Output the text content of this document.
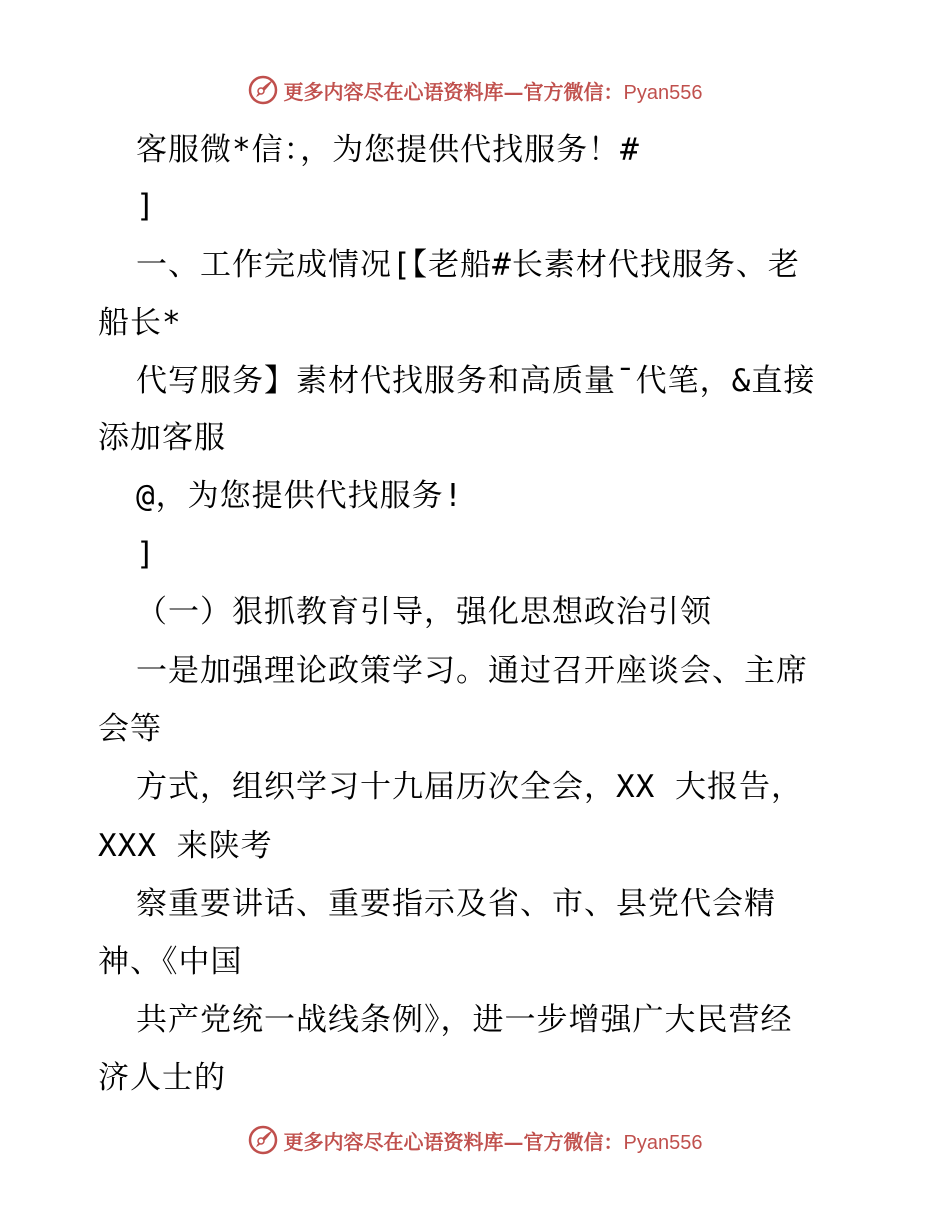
更多内容尽在心语资料库—官方微信：Pyan556
客服微*信：，为您提供代找服务！#
]
一、工作完成情况[【老船#长素材代找服务、老
船长*
代写服务】素材代找服务和高质量¯代笔，&直接
添加客服
@，为您提供代找服务!
]
（一）狠抓教育引导，强化思想政治引领
一是加强理论政策学习。通过召开座谈会、主席
会等
方式，组织学习十九届历次全会，XX 大报告，
XXX 来陕考
察重要讲话、重要指示及省、市、县党代会精
神、《中国
共产党统一战线条例》，进一步增强广大民营经
济人士的
更多内容尽在心语资料库—官方微信：Pyan556
